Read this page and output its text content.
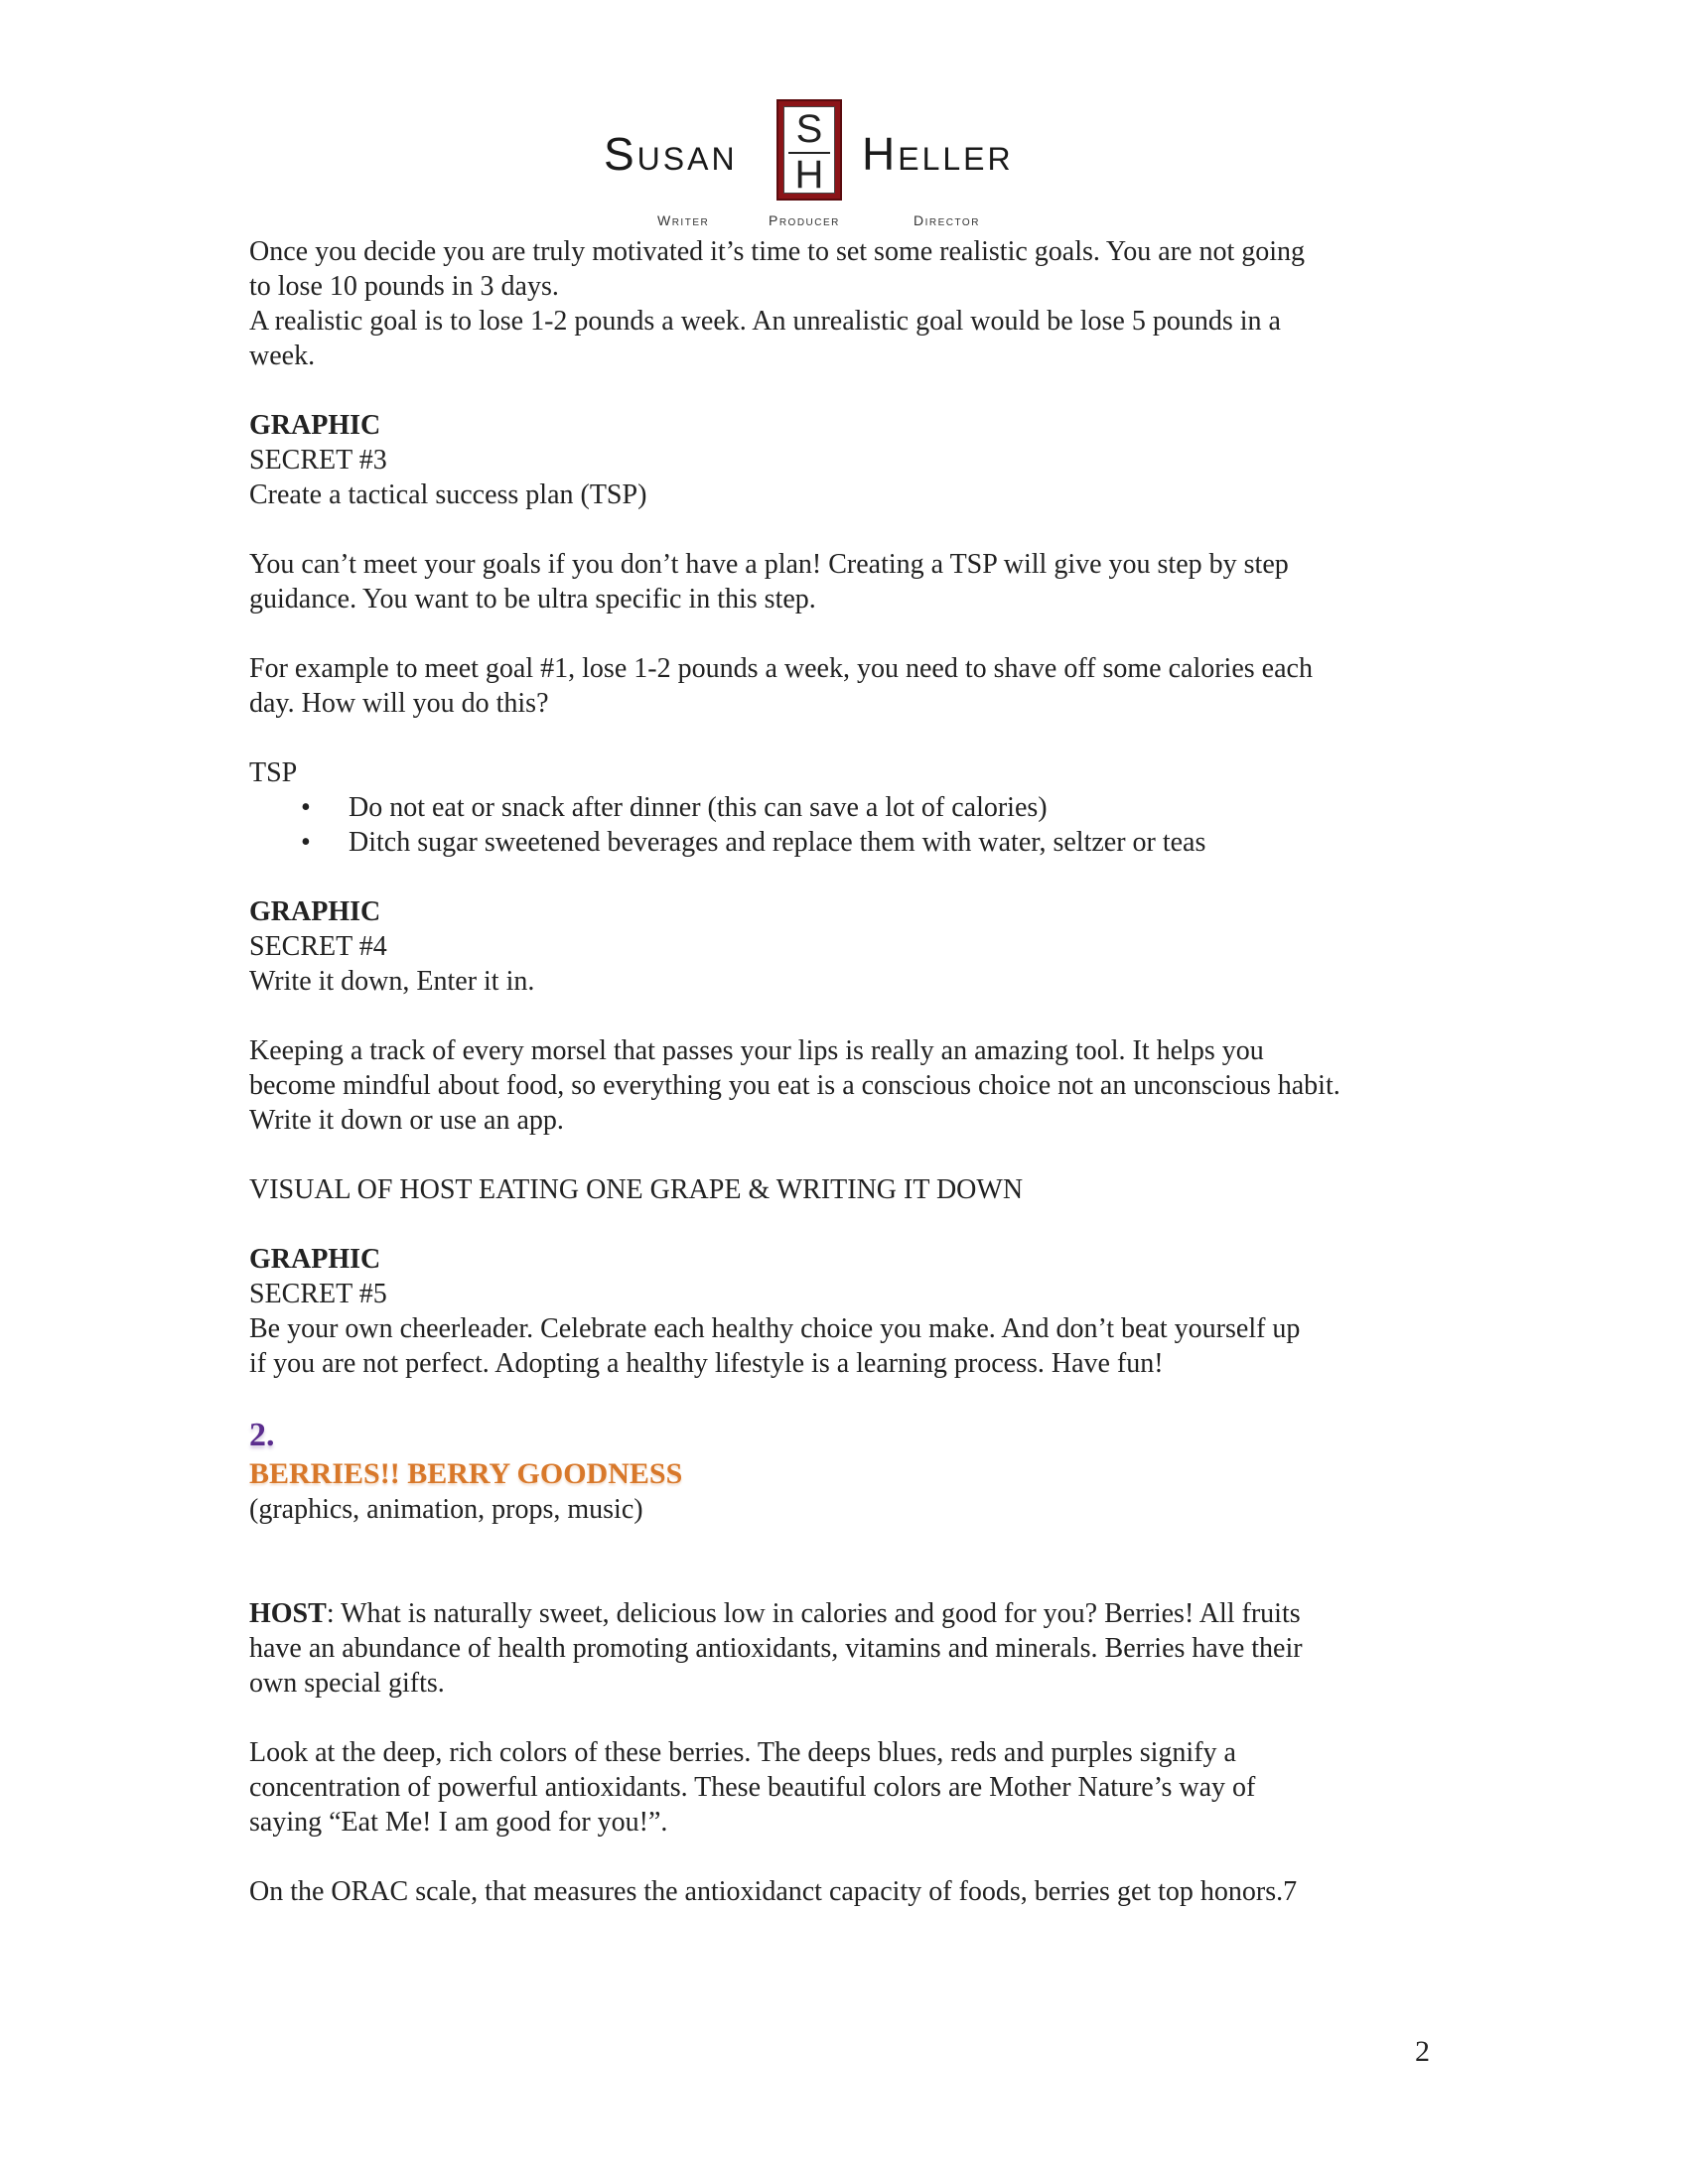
Susan S
H Heller
Writer	Producer	Director

Once you decide you are truly motivated it’s time to set some realistic goals. You are not going

to lose 10 pounds in 3 days.

A realistic goal is to lose 1-2 pounds a week. An unrealistic goal would be lose 5 pounds in a

week.

GRAPHIC

SECRET #3

Create a tactical success plan (TSP)

You can’t meet your goals if you don’t have a plan! Creating a TSP will give you step by step

guidance. You want to be ultra specific in this step.

For example to meet goal #1, lose 1-2 pounds a week, you need to shave off some calories each

day. How will you do this?

TSP

• Do not eat or snack after dinner (this can save a lot of calories)
• Ditch sugar sweetened beverages and replace them with water, seltzer or teas

GRAPHIC

SECRET #4

Write it down, Enter it in.

Keeping a track of every morsel that passes your lips is really an amazing tool. It helps you

become mindful about food, so everything you eat is a conscious choice not an unconscious habit.

Write it down or use an app.

VISUAL OF HOST EATING ONE GRAPE & WRITING IT DOWN

GRAPHIC

SECRET #5

Be your own cheerleader. Celebrate each healthy choice you make. And don’t beat yourself up

if you are not perfect. Adopting a healthy lifestyle is a learning process. Have fun!

2.

BERRIES!! BERRY GOODNESS

(graphics, animation, props, music)

HOST: What is naturally sweet, delicious low in calories and good for you? Berries! All fruits

have an abundance of health promoting antioxidants, vitamins and minerals. Berries have their

own special gifts.

Look at the deep, rich colors of these berries. The deeps blues, reds and purples signify a

concentration of powerful antioxidants. These beautiful colors are Mother Nature’s way of

saying “Eat Me! I am good for you!”.

On the ORAC scale, that measures the antioxidanct capacity of foods, berries get top honors.7

2
